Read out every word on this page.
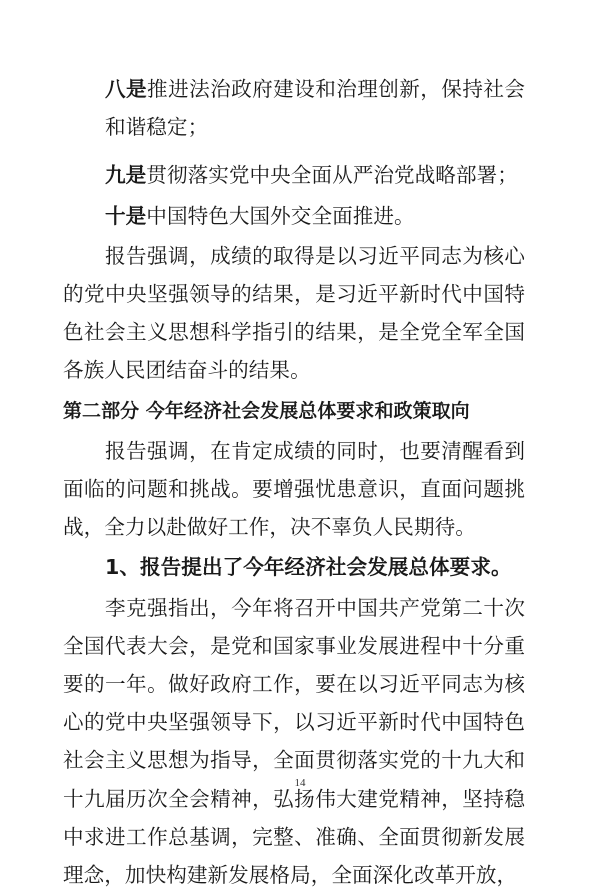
八是推进法治政府建设和治理创新，保持社会和谐稳定；

九是贯彻落实党中央全面从严治党战略部署；

十是中国特色大国外交全面推进。

报告强调，成绩的取得是以习近平同志为核心的党中央坚强领导的结果，是习近平新时代中国特色社会主义思想科学指引的结果，是全党全军全国各族人民团结奋斗的结果。

第二部分 今年经济社会发展总体要求和政策取向

报告强调，在肯定成绩的同时，也要清醒看到面临的问题和挑战。要增强忧患意识，直面问题挑战，全力以赴做好工作，决不辜负人民期待。

1、报告提出了今年经济社会发展总体要求。

李克强指出，今年将召开中国共产党第二十次全国代表大会，是党和国家事业发展进程中十分重要的一年。做好政府工作，要在以习近平同志为核心的党中央坚强领导下，以习近平新时代中国特色社会主义思想为指导，全面贯彻落实党的十九大和十九届历次全会精神，弘扬伟大建党精神，坚持稳中求进工作总基调，完整、准确、全面贯彻新发展理念，加快构建新发展格局，全面深化改革开放，

14
